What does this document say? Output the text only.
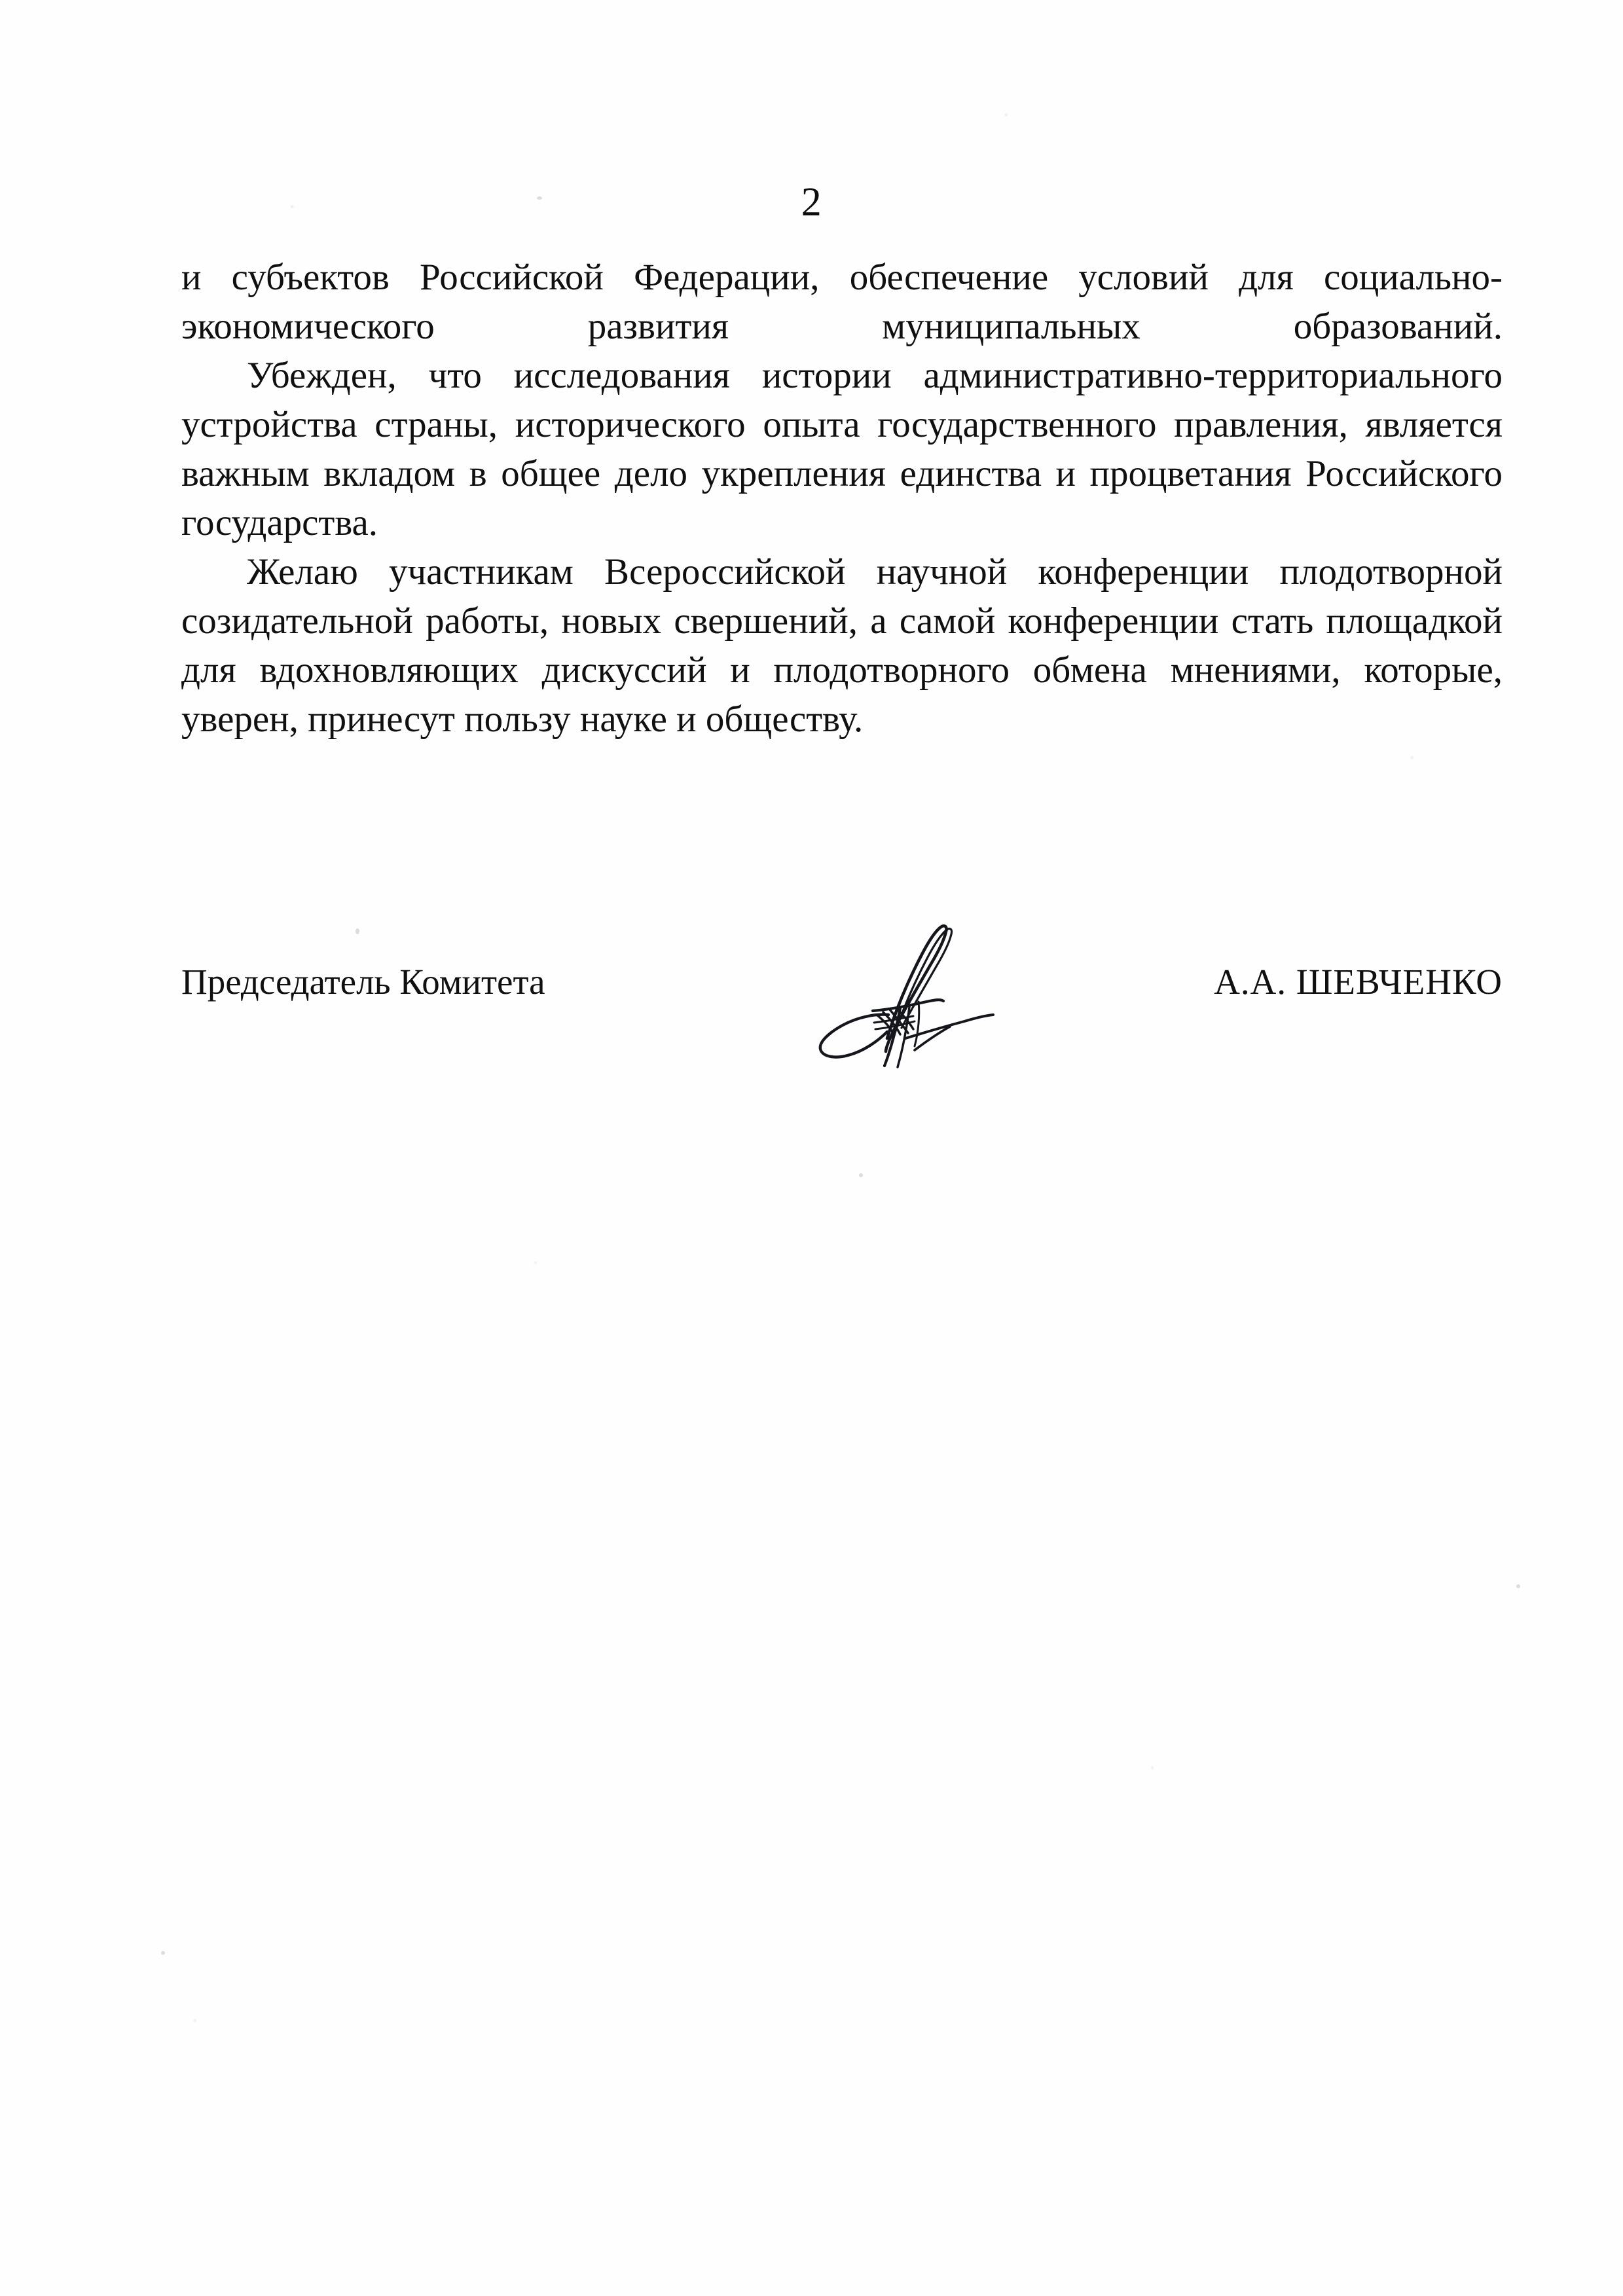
2

и субъектов Российской Федерации, обеспечение условий для социально-экономического развития муниципальных образований.

Убежден, что исследования истории административно-территориального устройства страны, исторического опыта государственного правления, является важным вкладом в общее дело укрепления единства и процветания Российского государства.

Желаю участникам Всероссийской научной конференции плодотворной созидательной работы, новых свершений, а самой конференции стать площадкой для вдохновляющих дискуссий и плодотворного обмена мнениями, которые, уверен, принесут пользу науке и обществу.

Председатель Комитета	А.А. ШЕВЧЕНКО
